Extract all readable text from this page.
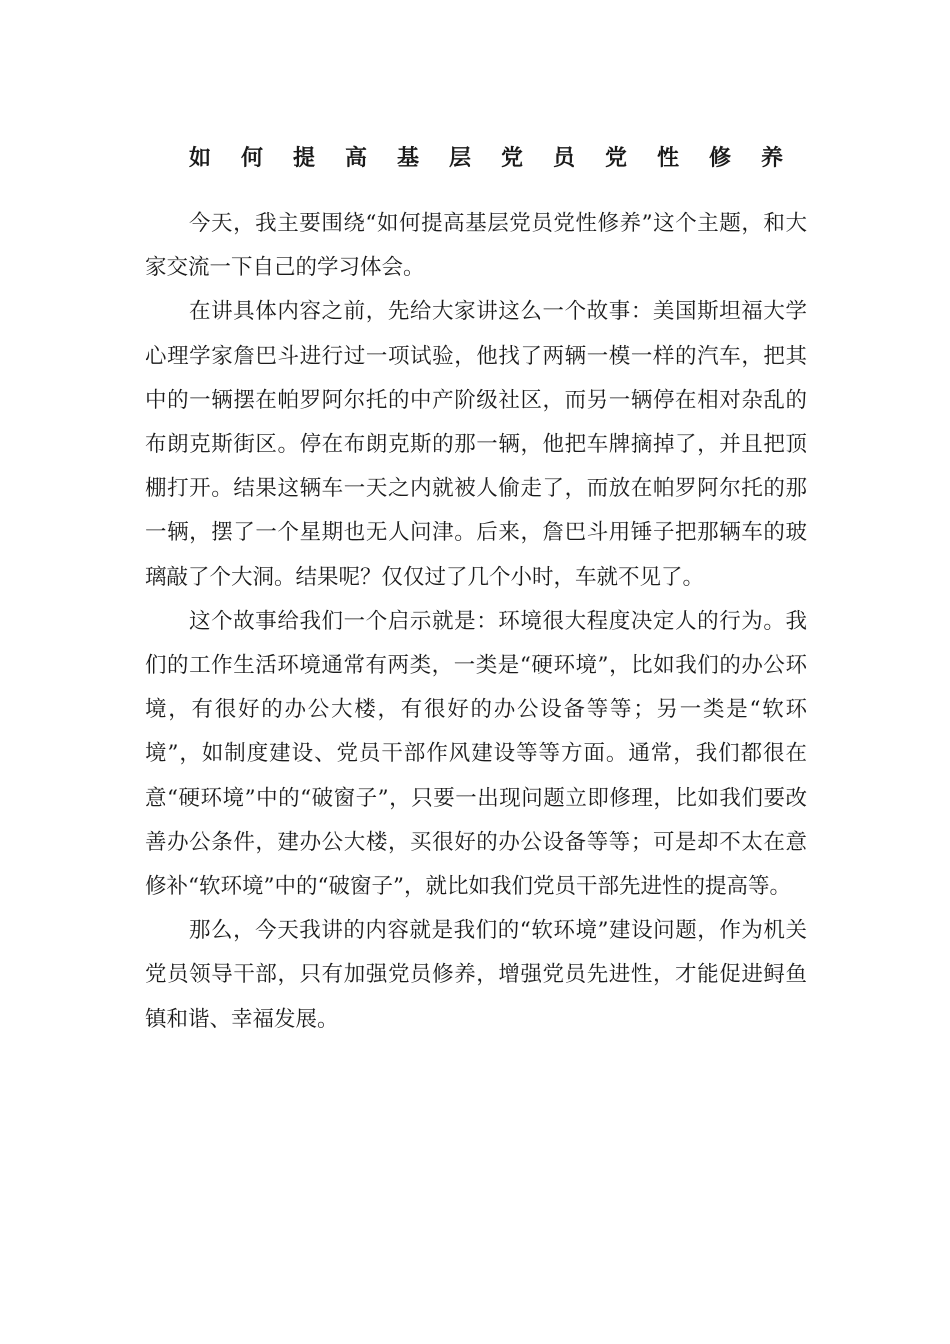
如何提高基层党员党性修养

今天，我主要围绕“如何提高基层党员党性修养”这个主题，和大家交流一下自己的学习体会。

在讲具体内容之前，先给大家讲这么一个故事：美国斯坦福大学心理学家詹巴斗进行过一项试验，他找了两辆一模一样的汽车，把其中的一辆摆在帕罗阿尔托的中产阶级社区，而另一辆停在相对杂乱的布朗克斯街区。停在布朗克斯的那一辆，他把车牌摘掉了，并且把顶棚打开。结果这辆车一天之内就被人偷走了，而放在帕罗阿尔托的那一辆，摆了一个星期也无人问津。后来，詹巴斗用锤子把那辆车的玻璃敲了个大洞。结果呢？仅仅过了几个小时，车就不见了。

这个故事给我们一个启示就是：环境很大程度决定人的行为。我们的工作生活环境通常有两类，一类是“硬环境”，比如我们的办公环境，有很好的办公大楼，有很好的办公设备等等；另一类是“软环境”，如制度建设、党员干部作风建设等等方面。通常，我们都很在意“硬环境”中的“破窗子”，只要一出现问题立即修理，比如我们要改善办公条件，建办公大楼，买很好的办公设备等等；可是却不太在意修补“软环境”中的“破窗子”，就比如我们党员干部先进性的提高等。

那么，今天我讲的内容就是我们的“软环境”建设问题，作为机关党员领导干部，只有加强党员修养，增强党员先进性，才能促进鲟鱼镇和谐、幸福发展。
